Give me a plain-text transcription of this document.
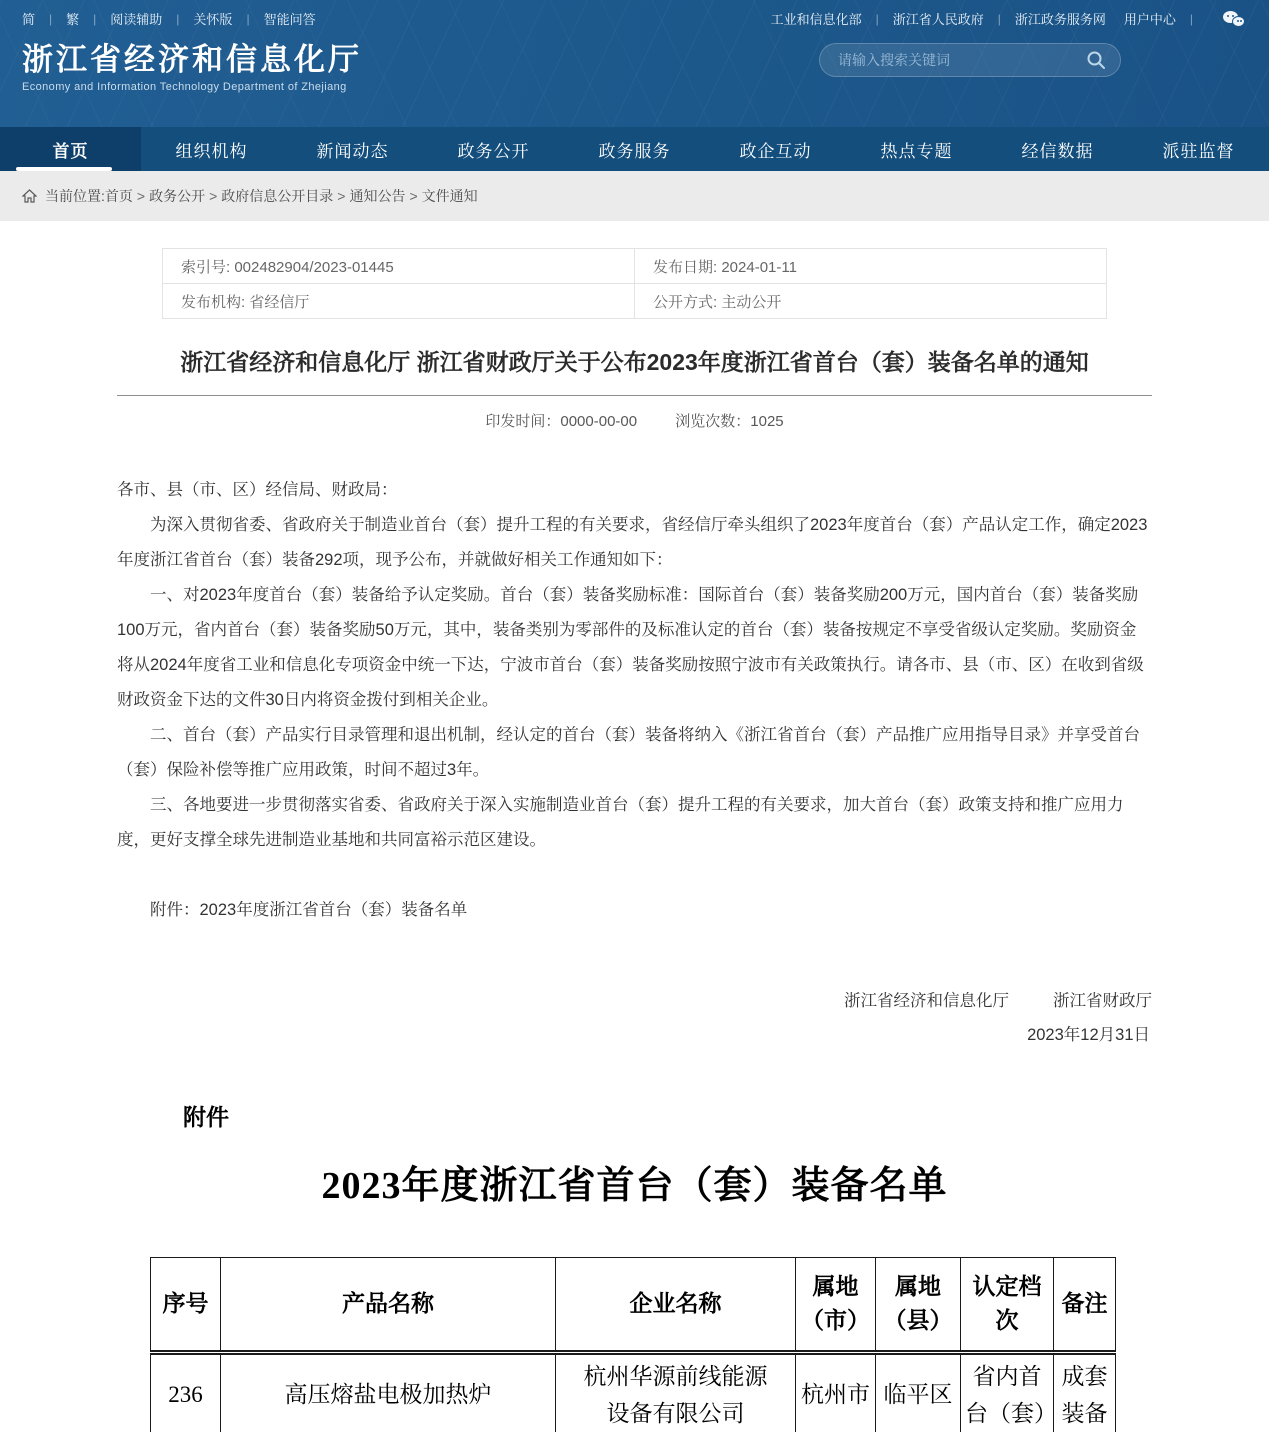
简 | 繁 | 阅读辅助 | 关怀版 | 智能问答	工业和信息化部 | 浙江省人民政府 | 浙江政务服务网 用户中心 |
浙江省经济和信息化厅
Economy and Information Technology Department of Zhejiang
请输入搜索关键词
首页	组织机构	新闻动态	政务公开	政务服务	政企互动	热点专题	经信数据	派驻监督
当前位置: 首页 > 政务公开 > 政府信息公开目录 > 通知公告 > 文件通知
索引号: 002482904/2023-01445	发布日期: 2024-01-11
发布机构: 省经信厅	公开方式: 主动公开
浙江省经济和信息化厅 浙江省财政厅关于公布2023年度浙江省首台（套）装备名单的通知
印发时间：0000-00-00	浏览次数：1025

各市、县（市、区）经信局、财政局：

为深入贯彻省委、省政府关于制造业首台（套）提升工程的有关要求，省经信厅牵头组织了2023年度首台（套）产品认定工作，确定2023年度浙江省首台（套）装备292项，现予公布，并就做好相关工作通知如下：

一、对2023年度首台（套）装备给予认定奖励。首台（套）装备奖励标准：国际首台（套）装备奖励200万元，国内首台（套）装备奖励100万元，省内首台（套）装备奖励50万元，其中，装备类别为零部件的及标准认定的首台（套）装备按规定不享受省级认定奖励。奖励资金将从2024年度省工业和信息化专项资金中统一下达，宁波市首台（套）装备奖励按照宁波市有关政策执行。请各市、县（市、区）在收到省级财政资金下达的文件30日内将资金拨付到相关企业。

二、首台（套）产品实行目录管理和退出机制，经认定的首台（套）装备将纳入《浙江省首台（套）产品推广应用指导目录》并享受首台（套）保险补偿等推广应用政策，时间不超过3年。

三、各地要进一步贯彻落实省委、省政府关于深入实施制造业首台（套）提升工程的有关要求，加大首台（套）政策支持和推广应用力度，更好支撑全球先进制造业基地和共同富裕示范区建设。

附件：2023年度浙江省首台（套）装备名单

浙江省经济和信息化厅	浙江省财政厅
2023年12月31日
附件
2023年度浙江省首台（套）装备名单
序号	产品名称	企业名称	属地（市）	属地（县）	认定档次	备注
236	高压熔盐电极加热炉	杭州华源前线能源设备有限公司	杭州市	临平区	省内首台（套）	成套装备
